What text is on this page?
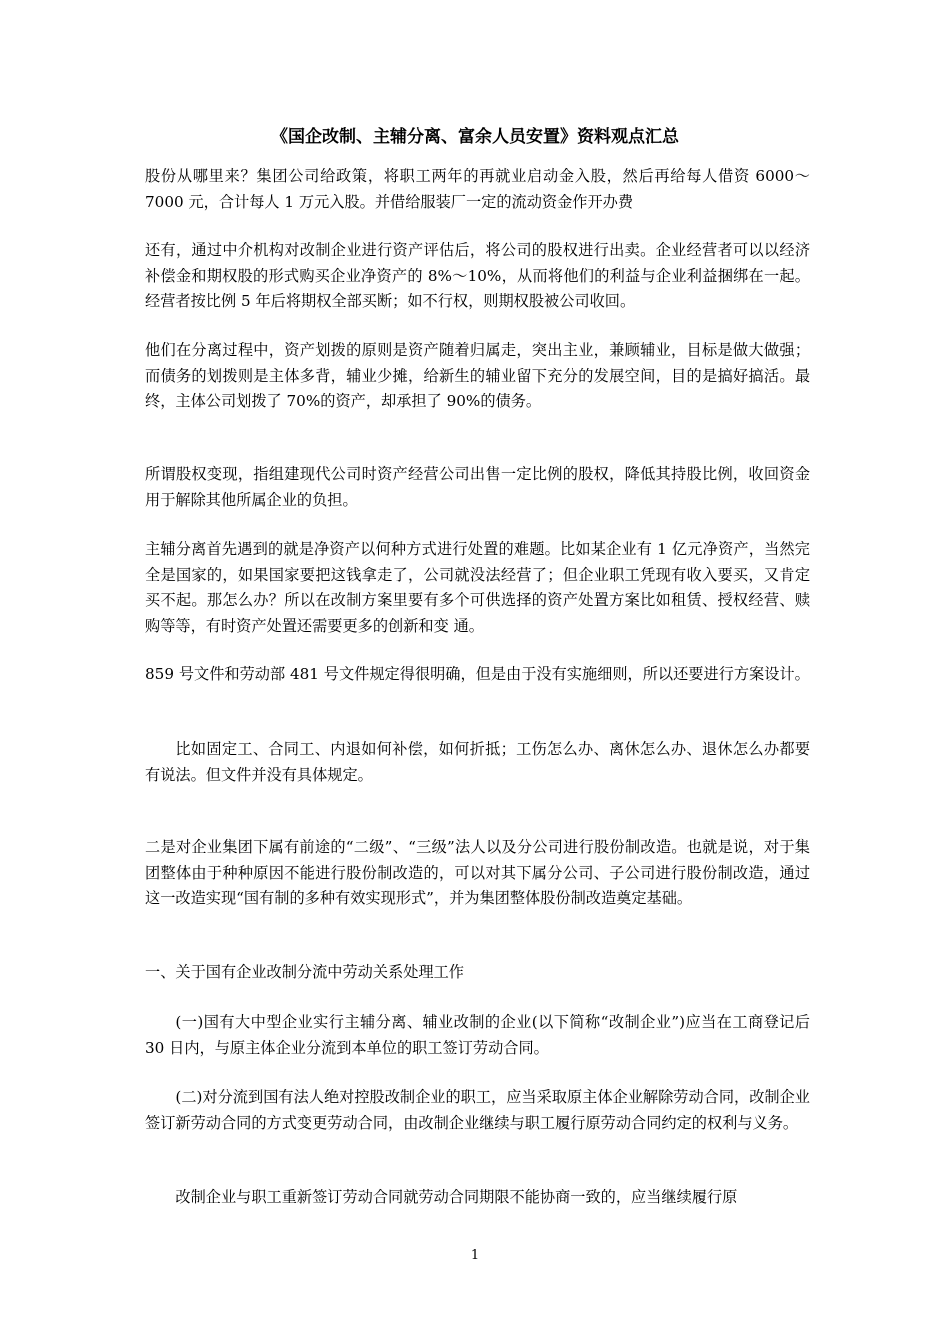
《国企改制、主辅分离、富余人员安置》资料观点汇总

股份从哪里来？集团公司给政策，将职工两年的再就业启动金入股，然后再给每人借资 6000～7000 元，合计每人 1 万元入股。并借给服装厂一定的流动资金作开办费

还有，通过中介机构对改制企业进行资产评估后，将公司的股权进行出卖。企业经营者可以以经济补偿金和期权股的形式购买企业净资产的 8%～10%，从而将他们的利益与企业利益捆绑在一起。经营者按比例 5 年后将期权全部买断；如不行权，则期权股被公司收回。

他们在分离过程中，资产划拨的原则是资产随着归属走，突出主业，兼顾辅业，目标是做大做强；而债务的划拨则是主体多背，辅业少摊，给新生的辅业留下充分的发展空间，目的是搞好搞活。最终，主体公司划拨了 70%的资产，却承担了 90%的债务。

所谓股权变现，指组建现代公司时资产经营公司出售一定比例的股权，降低其持股比例，收回资金用于解除其他所属企业的负担。

主辅分离首先遇到的就是净资产以何种方式进行处置的难题。比如某企业有 1 亿元净资产，当然完全是国家的，如果国家要把这钱拿走了，公司就没法经营了；但企业职工凭现有收入要买，又肯定买不起。那怎么办？所以在改制方案里要有多个可供选择的资产处置方案比如租赁、授权经营、赎购等等，有时资产处置还需要更多的创新和变 通。

859 号文件和劳动部 481 号文件规定得很明确，但是由于没有实施细则，所以还要进行方案设计。

比如固定工、合同工、内退如何补偿，如何折抵；工伤怎么办、离休怎么办、退休怎么办都要有说法。但文件并没有具体规定。

二是对企业集团下属有前途的“二级”、“三级”法人以及分公司进行股份制改造。也就是说，对于集团整体由于种种原因不能进行股份制改造的，可以对其下属分公司、子公司进行股份制改造，通过这一改造实现“国有制的多种有效实现形式”，并为集团整体股份制改造奠定基础。

一、关于国有企业改制分流中劳动关系处理工作

(一)国有大中型企业实行主辅分离、辅业改制的企业(以下简称“改制企业”)应当在工商登记后 30 日内，与原主体企业分流到本单位的职工签订劳动合同。

(二)对分流到国有法人绝对控股改制企业的职工，应当采取原主体企业解除劳动合同，改制企业签订新劳动合同的方式变更劳动合同，由改制企业继续与职工履行原劳动合同约定的权利与义务。

改制企业与职工重新签订劳动合同就劳动合同期限不能协商一致的，应当继续履行原

1
